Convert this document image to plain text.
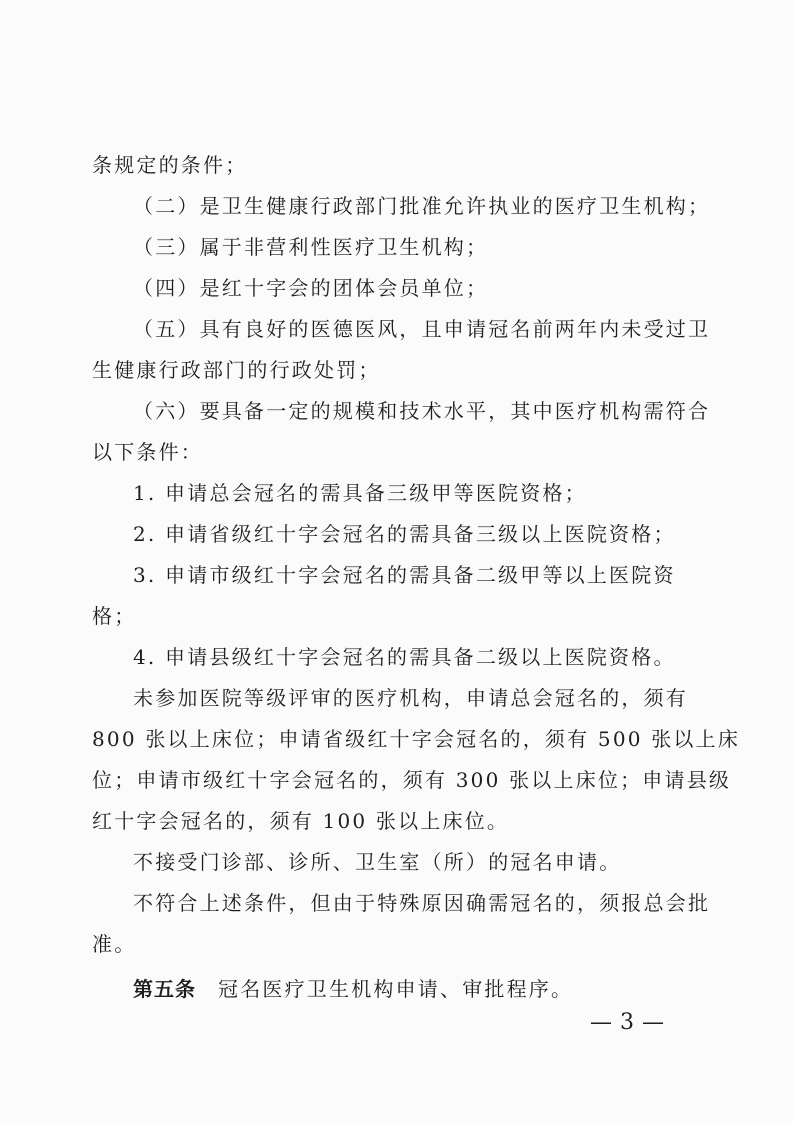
条规定的条件；
（二）是卫生健康行政部门批准允许执业的医疗卫生机构；
（三）属于非营利性医疗卫生机构；
（四）是红十字会的团体会员单位；
（五）具有良好的医德医风，且申请冠名前两年内未受过卫
生健康行政部门的行政处罚；
（六）要具备一定的规模和技术水平，其中医疗机构需符合
以下条件：
1. 申请总会冠名的需具备三级甲等医院资格；
2. 申请省级红十字会冠名的需具备三级以上医院资格；
3. 申请市级红十字会冠名的需具备二级甲等以上医院资
格；
4. 申请县级红十字会冠名的需具备二级以上医院资格。
未参加医院等级评审的医疗机构，申请总会冠名的，须有
800 张以上床位；申请省级红十字会冠名的，须有 500 张以上床
位；申请市级红十字会冠名的，须有 300 张以上床位；申请县级
红十字会冠名的，须有 100 张以上床位。
不接受门诊部、诊所、卫生室（所）的冠名申请。
不符合上述条件，但由于特殊原因确需冠名的，须报总会批
准。
第五条 冠名医疗卫生机构申请、审批程序。
— 3 —
